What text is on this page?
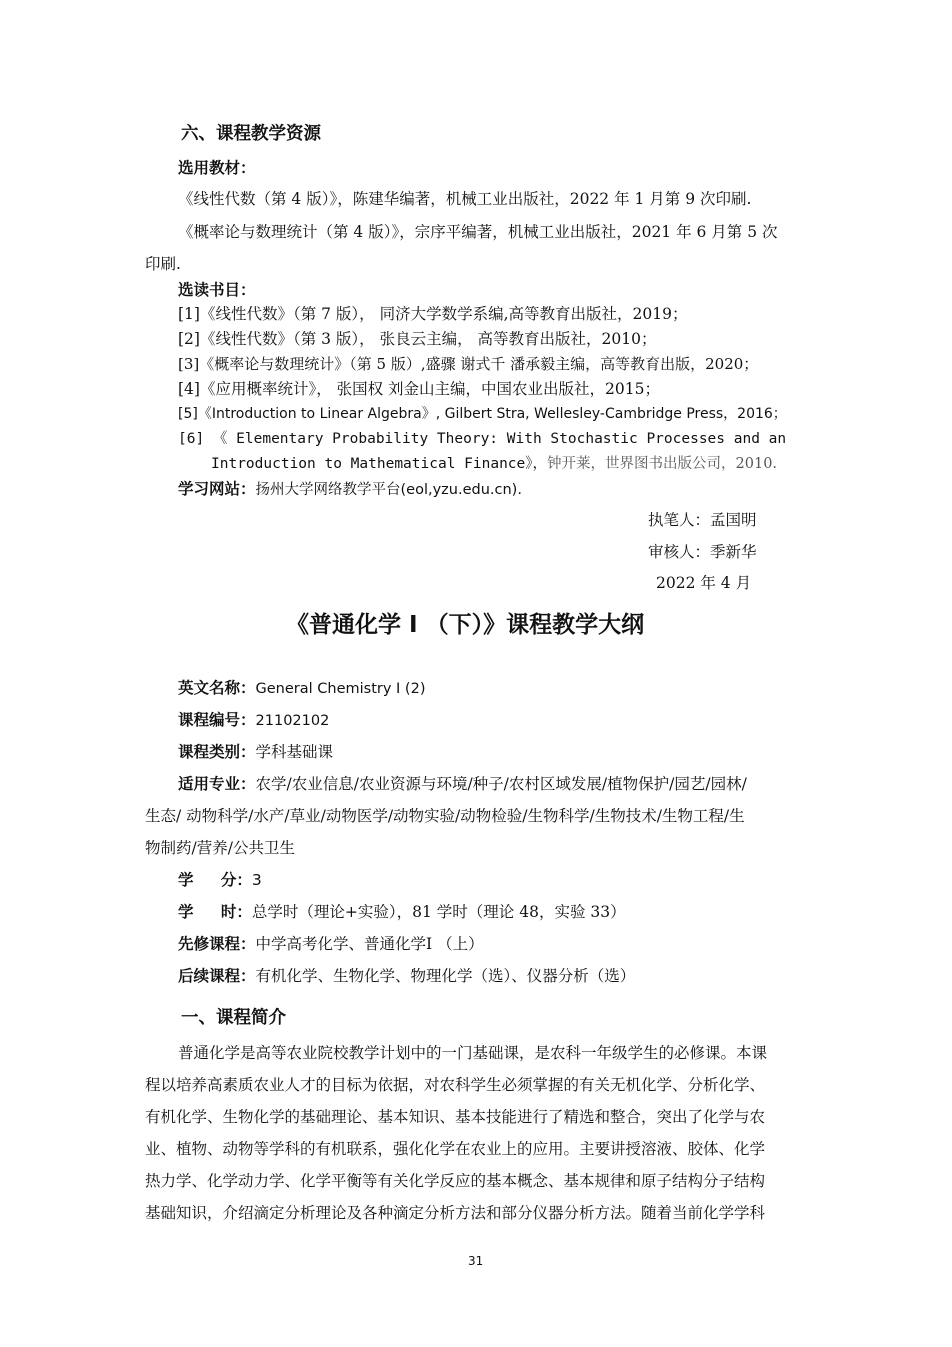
六、课程教学资源
选用教材：
《线性代数（第 4 版）》，陈建华编著，机械工业出版社，2022 年 1 月第 9 次印刷.
《概率论与数理统计（第 4 版）》，宗序平编著，机械工业出版社，2021 年 6 月第 5 次
印刷.
选读书目：
[1]《线性代数》（第 7 版）， 同济大学数学系编,高等教育出版社，2019；
[2]《线性代数》（第 3 版）， 张良云主编， 高等教育出版社，2010；
[3]《概率论与数理统计》（第 5 版）,盛骤 谢式千 潘承毅主编，高等教育出版，2020；
[4]《应用概率统计》， 张国权 刘金山主编，中国农业出版社，2015；
[5]《Introduction to Linear Algebra》, Gilbert Stra, Wellesley-Cambridge Press，2016；
[6] 《 Elementary Probability Theory: With Stochastic Processes and an
Introduction to Mathematical Finance》，钟开莱，世界图书出版公司，2010.
学习网站：扬州大学网络教学平台(eol,yzu.edu.cn).
执笔人：孟国明
审核人：季新华
2022 年 4 月
《普通化学 I （下）》课程教学大纲
英文名称：General Chemistry I (2)
课程编号：21102102
课程类别：学科基础课
适用专业：农学/农业信息/农业资源与环境/种子/农村区域发展/植物保护/园艺/园林/
生态/ 动物科学/水产/草业/动物医学/动物实验/动物检验/生物科学/生物技术/生物工程/生
物制药/营养/公共卫生
学 分：3
学 时：总学时（理论+实验），81 学时（理论 48，实验 33）
先修课程：中学高考化学、普通化学Ⅰ （上）
后续课程：有机化学、生物化学、物理化学（选）、仪器分析（选）
一、课程简介
普通化学是高等农业院校教学计划中的一门基础课，是农科一年级学生的必修课。本课
程以培养高素质农业人才的目标为依据，对农科学生必须掌握的有关无机化学、分析化学、
有机化学、生物化学的基础理论、基本知识、基本技能进行了精选和整合，突出了化学与农
业、植物、动物等学科的有机联系，强化化学在农业上的应用。主要讲授溶液、胶体、化学
热力学、化学动力学、化学平衡等有关化学反应的基本概念、基本规律和原子结构分子结构
基础知识，介绍滴定分析理论及各种滴定分析方法和部分仪器分析方法。随着当前化学学科
31
